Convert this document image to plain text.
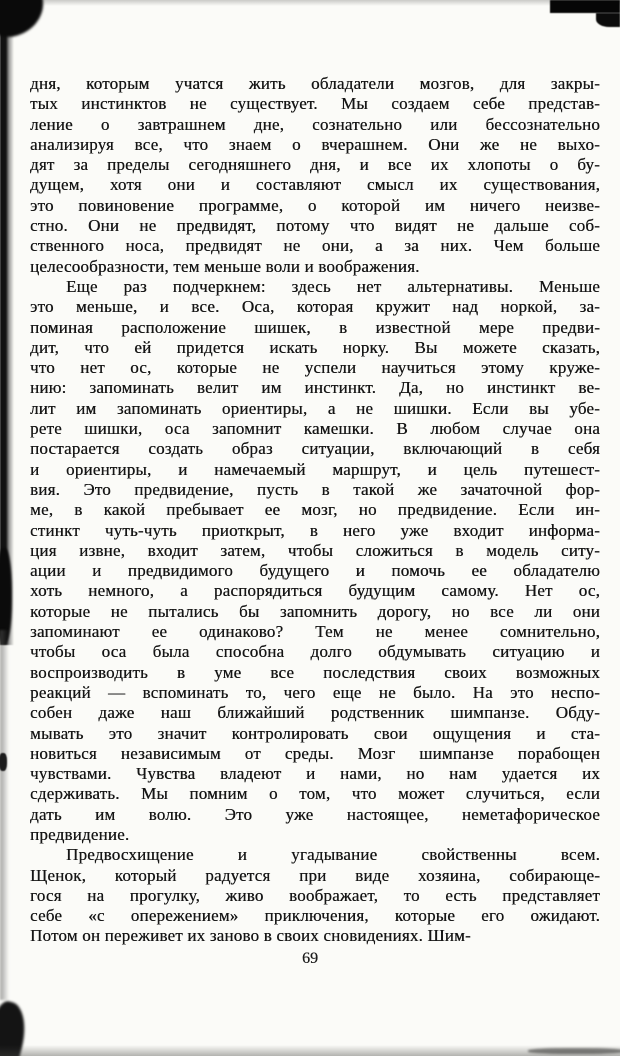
дня, которым учатся жить обладатели мозгов, для закры-
тых инстинктов не существует. Мы создаем себе представ-
ление о завтрашнем дне, сознательно или бессознательно
анализируя все, что знаем о вчерашнем. Они же не выхо-
дят за пределы сегодняшнего дня, и все их хлопоты о бу-
дущем, хотя они и составляют смысл их существования,
это повиновение программе, о которой им ничего неизве-
стно. Они не предвидят, потому что видят не дальше соб-
ственного носа, предвидят не они, а за них. Чем больше
целесообразности, тем меньше воли и воображения.
Еще раз подчеркнем: здесь нет альтернативы. Меньше
это меньше, и все. Оса, которая кружит над норкой, за-
поминая расположение шишек, в известной мере предви-
дит, что ей придется искать норку. Вы можете сказать,
что нет ос, которые не успели научиться этому круже-
нию: запоминать велит им инстинкт. Да, но инстинкт ве-
лит им запоминать ориентиры, а не шишки. Если вы убе-
рете шишки, оса запомнит камешки. В любом случае она
постарается создать образ ситуации, включающий в себя
и ориентиры, и намечаемый маршрут, и цель путешест-
вия. Это предвидение, пусть в такой же зачаточной фор-
ме, в какой пребывает ее мозг, но предвидение. Если ин-
стинкт чуть-чуть приоткрыт, в него уже входит информа-
ция извне, входит затем, чтобы сложиться в модель ситу-
ации и предвидимого будущего и помочь ее обладателю
хоть немного, а распорядиться будущим самому. Нет ос,
которые не пытались бы запомнить дорогу, но все ли они
запоминают ее одинаково? Тем не менее сомнительно,
чтобы оса была способна долго обдумывать ситуацию и
воспроизводить в уме все последствия своих возможных
реакций — вспоминать то, чего еще не было. На это неспо-
собен даже наш ближайший родственник шимпанзе. Обду-
мывать это значит контролировать свои ощущения и ста-
новиться независимым от среды. Мозг шимпанзе порабощен
чувствами. Чувства владеют и нами, но нам удается их
сдерживать. Мы помним о том, что может случиться, если
дать им волю. Это уже настоящее, неметафорическое
предвидение.
Предвосхищение и угадывание свойственны всем.
Щенок, который радуется при виде хозяина, собирающе-
гося на прогулку, живо воображает, то есть представляет
себе «с опережением» приключения, которые его ожидают.
Потом он переживет их заново в своих сновидениях. Шим-
69
